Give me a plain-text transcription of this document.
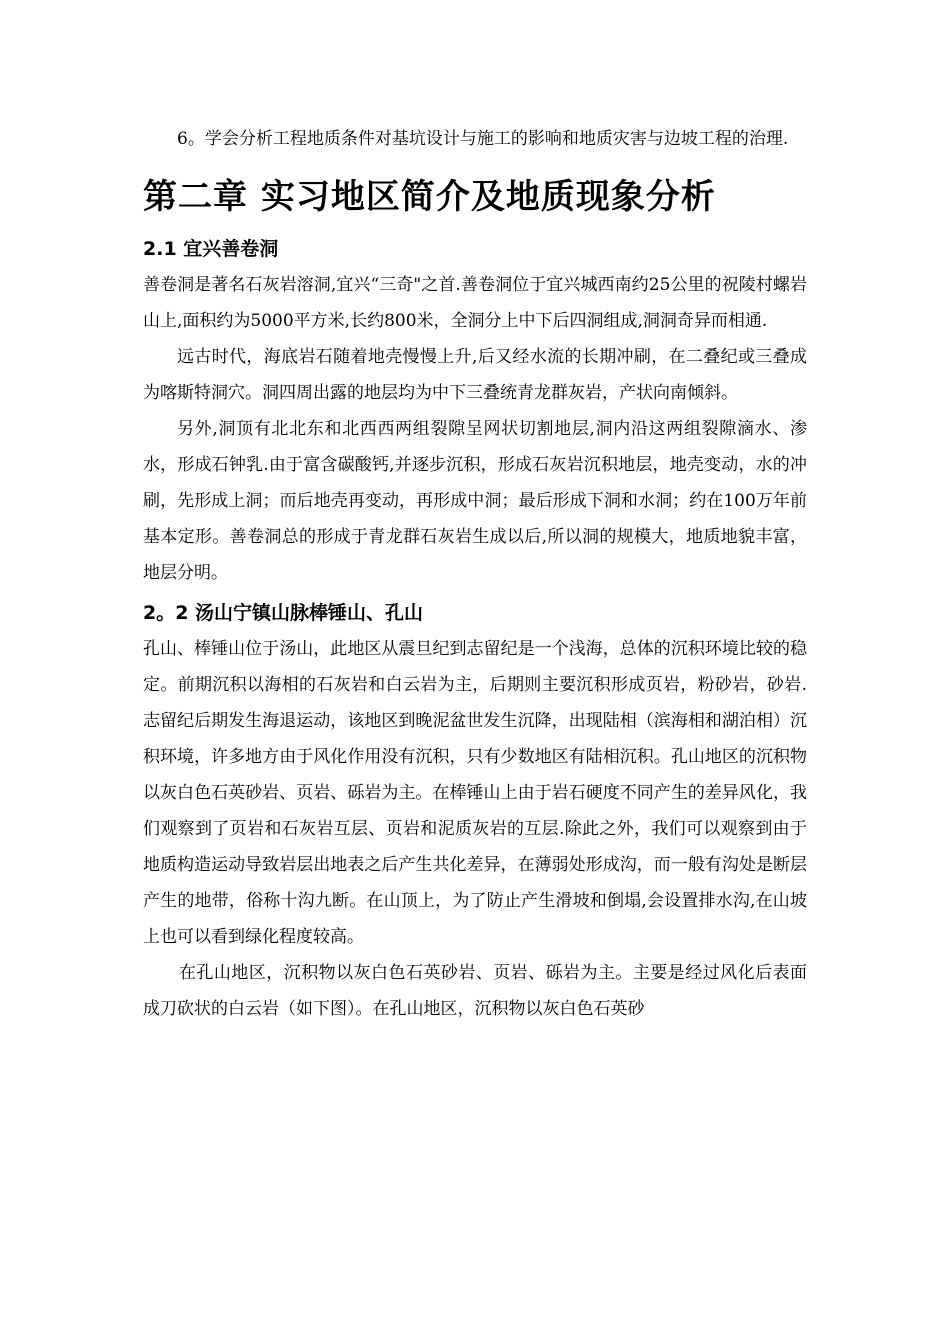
6。学会分析工程地质条件对基坑设计与施工的影响和地质灾害与边坡工程的治理.

第二章 实习地区简介及地质现象分析
2.1 宜兴善卷洞

善卷洞是著名石灰岩溶洞,宜兴“三奇"之首.善卷洞位于宜兴城西南约25公里的祝陵村螺岩山上,面积约为5000平方米,长约800米，全洞分上中下后四洞组成,洞洞奇异而相通.

远古时代，海底岩石随着地壳慢慢上升,后又经水流的长期冲刷，在二叠纪或三叠成为喀斯特洞穴。洞四周出露的地层均为中下三叠统青龙群灰岩，产状向南倾斜。

另外,洞顶有北北东和北西西两组裂隙呈网状切割地层,洞内沿这两组裂隙滴水、渗水，形成石钟乳.由于富含碳酸钙,并逐步沉积，形成石灰岩沉积地层，地壳变动，水的冲刷，先形成上洞；而后地壳再变动，再形成中洞；最后形成下洞和水洞；约在100万年前基本定形。善卷洞总的形成于青龙群石灰岩生成以后,所以洞的规模大，地质地貌丰富，地层分明。

2。2 汤山宁镇山脉棒锤山、孔山

孔山、棒锤山位于汤山，此地区从震旦纪到志留纪是一个浅海，总体的沉积环境比较的稳定。前期沉积以海相的石灰岩和白云岩为主，后期则主要沉积形成页岩，粉砂岩，砂岩.志留纪后期发生海退运动，该地区到晚泥盆世发生沉降，出现陆相（滨海相和湖泊相）沉积环境，许多地方由于风化作用没有沉积，只有少数地区有陆相沉积。孔山地区的沉积物以灰白色石英砂岩、页岩、砾岩为主。在棒锤山上由于岩石硬度不同产生的差异风化，我们观察到了页岩和石灰岩互层、页岩和泥质灰岩的互层.除此之外，我们可以观察到由于地质构造运动导致岩层出地表之后产生共化差异，在薄弱处形成沟，而一般有沟处是断层产生的地带，俗称十沟九断。在山顶上，为了防止产生滑坡和倒塌,会设置排水沟,在山坡上也可以看到绿化程度较高。

在孔山地区，沉积物以灰白色石英砂岩、页岩、砾岩为主。主要是经过风化后表面成刀砍状的白云岩（如下图）。在孔山地区，沉积物以灰白色石英砂
